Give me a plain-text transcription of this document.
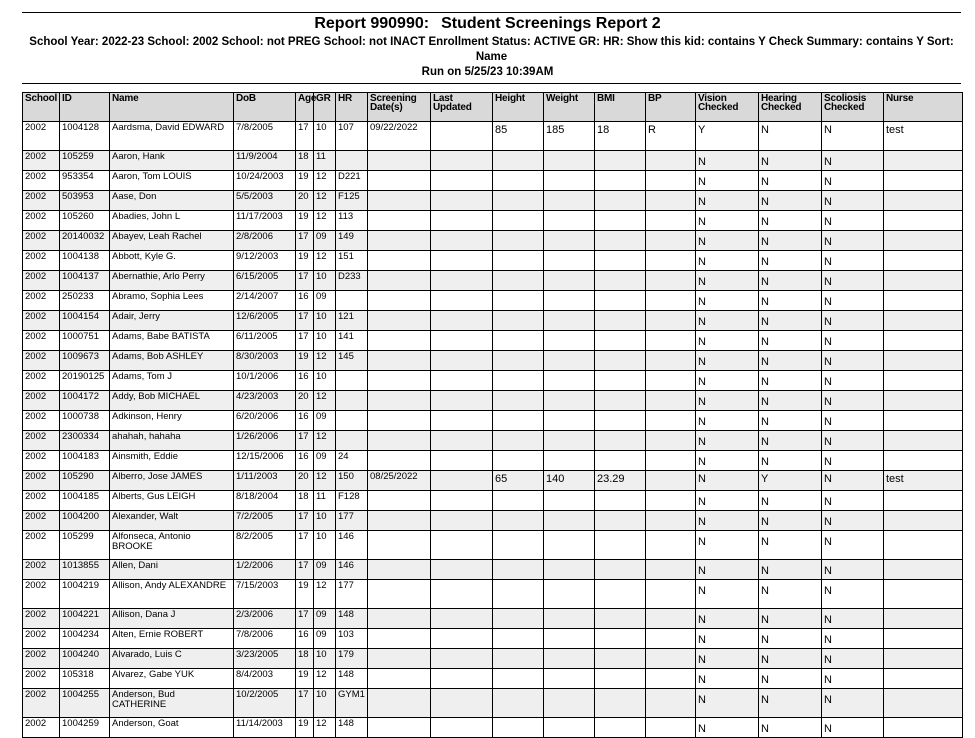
Report 990990: Student Screenings Report 2
School Year: 2022-23 School: 2002 School: not PREG School: not INACT Enrollment Status: ACTIVE GR: HR: Show this kid: contains Y Check Summary: contains Y Sort: Name
Run on 5/25/23 10:39AM
School	ID	Name	DoB	Age	GR	HR	Screening Date(s)	Last Updated	Height	Weight	BMI	BP	Vision Checked	Hearing Checked	Scoliosis Checked	Nurse
2002	1004128	Aardsma, David EDWARD	7/8/2005	17	10	107	09/22/2022		85	185	18	R	Y	N	N	test
2002	105259	Aaron, Hank	11/9/2004	18	11								N	N	N	
2002	953354	Aaron, Tom LOUIS	10/24/2003	19	12	D221							N	N	N	
2002	503953	Aase, Don	5/5/2003	20	12	F125							N	N	N	
2002	105260	Abadies, John L	11/17/2003	19	12	113							N	N	N	
2002	20140032	Abayev, Leah Rachel	2/8/2006	17	09	149							N	N	N	
2002	1004138	Abbott, Kyle G.	9/12/2003	19	12	151							N	N	N	
2002	1004137	Abernathie, Arlo Perry	6/15/2005	17	10	D233							N	N	N	
2002	250233	Abramo, Sophia Lees	2/14/2007	16	09								N	N	N	
2002	1004154	Adair, Jerry	12/6/2005	17	10	121							N	N	N	
2002	1000751	Adams, Babe BATISTA	6/11/2005	17	10	141							N	N	N	
2002	1009673	Adams, Bob ASHLEY	8/30/2003	19	12	145							N	N	N	
2002	20190125	Adams, Tom J	10/1/2006	16	10								N	N	N	
2002	1004172	Addy, Bob MICHAEL	4/23/2003	20	12								N	N	N	
2002	1000738	Adkinson, Henry	6/20/2006	16	09								N	N	N	
2002	2300334	ahahah, hahaha	1/26/2006	17	12								N	N	N	
2002	1004183	Ainsmith, Eddie	12/15/2006	16	09	24							N	N	N	
2002	105290	Alberro, Jose JAMES	1/11/2003	20	12	150	08/25/2022		65	140	23.29		N	Y	N	test
2002	1004185	Alberts, Gus LEIGH	8/18/2004	18	11	F128							N	N	N	
2002	1004200	Alexander, Walt	7/2/2005	17	10	177							N	N	N	
2002	105299	Alfonseca, Antonio BROOKE	8/2/2005	17	10	146							N	N	N	
2002	1013855	Allen, Dani	1/2/2006	17	09	146							N	N	N	
2002	1004219	Allison, Andy ALEXANDRE	7/15/2003	19	12	177							N	N	N	
2002	1004221	Allison, Dana J	2/3/2006	17	09	148							N	N	N	
2002	1004234	Alten, Ernie ROBERT	7/8/2006	16	09	103							N	N	N	
2002	1004240	Alvarado, Luis C	3/23/2005	18	10	179							N	N	N	
2002	105318	Alvarez, Gabe YUK	8/4/2003	19	12	148							N	N	N	
2002	1004255	Anderson, Bud CATHERINE	10/2/2005	17	10	GYM1							N	N	N	
2002	1004259	Anderson, Goat	11/14/2003	19	12	148							N	N	N	
